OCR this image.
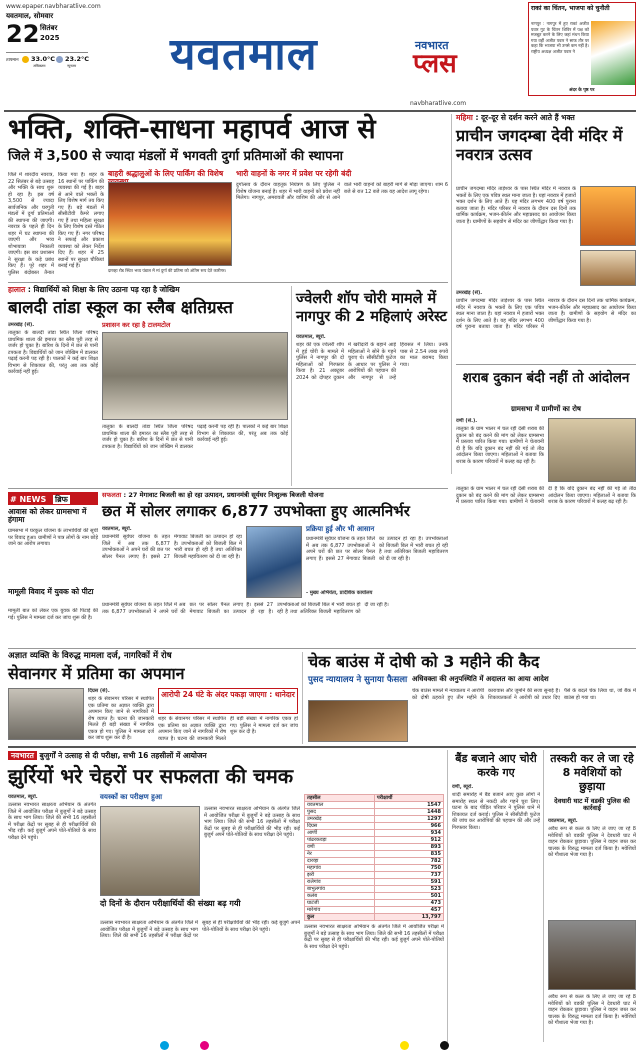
www.epaper.navbharatlive.com
यवतमाल, सोमवार
22 सितंबर
2025
तापमान 33.0°C
अधिकतम
23.2°C
न्यूनतम यवतमाल	नवभारत
प्लस
navbharatlive.com
राकां का चिंतन, भाजपा को चुनौती
नागपुर : नागपुर में हुए राकां अजीत पवार गुट के चिंतन शिविर में पक्ष को मजबूत करने के लिए जहां मंथन किया गया वहीं अजीत पवार ने साफ तौर पर कहा कि भाजपा भी उनसे कम नहीं है। राष्ट्रीय अध्यक्ष अजीत पवार ने
अंदर के पृष्ठ पर
भक्ति, शक्ति-साधना महापर्व आज से
जिले में 3,500 से ज्यादा मंडलों में भगवती दुर्गा प्रतिमाओं की स्थापना
जिले में शारदीय नवरात्र, 22 सितंबर से बड़े उत्साह और भक्ति के साथ शुरू हो रहा है। इस वर्ष 3,500 से ज्यादा सार्वजनिक और घरगुती मंडलों में दुर्गा प्रतिमाओं की स्थापना की जाएगी। नवरात्र के पहले ही दिन शहर में घट स्थापना की जाएगी और भव्य शोभायात्रा निकाली जाएगी। इस बार प्रशासन ने सुरक्षा के कड़े प्रबंध किए हैं। पूरे शहर में पुलिस बंदोबस्त तैनात किया गया है। शहर के 16 स्थानों पर पार्किंग की व्यवस्था की गई है। बाहर से आने वाले भक्तों के लिए विशेष मार्ग तय किए गए हैं। बड़े मंडलों में सीसीटीवी कैमरे लगाए गए हैं तथा महिला सुरक्षा के लिए विशेष दस्ते गठित किए गए हैं। नगर परिषद ने सफाई और प्रकाश व्यवस्था को लेकर निर्देश दिए हैं। शहर में 25 स्थानों पर सुरक्षा चौकियां बनाई गई हैं।
बाहरी श्रद्धालुओं के लिए पार्किंग की विशेष
दारव्हा रोड स्थित भव्य पंडाल में मां दुर्गा की प्रतिमा को अंतिम रूप देते कारीगर।
भारी वाहनों के नगर में प्रवेश पर रहेगी बंदी
दुर्गोत्सव के दौरान वाहतूक नियंत्रण के लिए पुलिस ने विशेष योजना बनाई है। शहर में भारी वाहनों को प्रवेश नहीं मिलेगा। नागपुर, अमरावती और वाशिम की ओर से आने वाले भारी वाहनों को बाहरी मार्ग से मोड़ा जाएगा। शाम 6 बजे से रात 12 बजे तक यह आदेश लागू रहेगा।
महिमा : दूर-दूर से दर्शन करने आते हैं भक्त
प्राचीन जगदम्बा देवी मंदिर में नवरात्र उत्सव
प्राचीन जगदम्बा मंदिर ताड़ेश्वर के पास स्थित मंदिर में नवरात्र के भक्तों के लिए एक पवित्र स्थल माना जाता है। यहां नवरात्र में हजारों भक्त दर्शन के लिए आते हैं। यह मंदिर लगभग 400 वर्ष पुराना बताया जाता है। मंदिर परिसर में नवरात्र के दौरान दस दिनों तक धार्मिक कार्यक्रम, भजन-कीर्तन और महाप्रसाद का आयोजन किया जाता है। ग्रामीणों के सहयोग से मंदिर का जीर्णोद्धार किया गया है।
उमरखेड़ (से).
प्राचीन जगदम्बा मंदिर ताड़ेश्वर के पास स्थित मंदिर में नवरात्र के भक्तों के लिए एक पवित्र स्थल माना जाता है। यहां नवरात्र में हजारों भक्त दर्शन के लिए आते हैं। यह मंदिर लगभग 400 वर्ष पुराना बताया जाता है। मंदिर परिसर में नवरात्र के दौरान दस दिनों तक धार्मिक कार्यक्रम, भजन-कीर्तन और महाप्रसाद का आयोजन किया जाता है। ग्रामीणों के सहयोग से मंदिर का जीर्णोद्धार किया गया है।
हालात : विद्यार्थियों को शिक्षा के लिए उठाना पड़ रहा है जोखिम
बालदी तांडा स्कूल का स्लैब क्षतिग्रस्त
उमरखेड़ (से).
तालुका के बालदी तांडा स्थित जिला परिषद प्राथमिक शाला की इमारत का स्लैब पूरी तरह से जर्जर हो चुका है। बारिश के दिनों में छत से पानी टपकता है। विद्यार्थियों को जान जोखिम में डालकर पढ़ाई करनी पड़ रही है। पालकों ने कई बार शिक्षा विभाग से शिकायत की, परंतु अब तक कोई कार्रवाई नहीं हुई।
प्रशासन कर रहा है टालमटोल
तालुका के बालदी तांडा स्थित जिला परिषद प्राथमिक शाला की इमारत का स्लैब पूरी तरह से जर्जर हो चुका है। बारिश के दिनों में छत से पानी टपकता है। विद्यार्थियों को जान जोखिम में डालकर पढ़ाई करनी पड़ रही है। पालकों ने कई बार शिक्षा विभाग से शिकायत की, परंतु अब तक कोई कार्रवाई नहीं हुई।
ज्वेलरी शॉप चोरी मामले में नागपुर की 2 महिलाएं अरेस्ट
यवतमाल, ब्यूरो.
शहर की एक ज्वेलरी शॉप में हुई चोरी के मामले में पुलिस ने नागपुर की दो महिलाओं को गिरफ्तार किया है। 21 अक्टूबर 2024 को दोपहर दुकान में खरीदारी के बहाने आई महिलाओं ने सोने के गहने चुराए थे। सीसीटीवी फुटेज के आधार पर पुलिस ने आरोपियों की पहचान की और नागपुर से उन्हें हिरासत में लिया। उनके पास से 2.54 लाख रुपये का माल बरामद किया गया।
शराब दुकान बंदी नहीं तो आंदोलन
ग्रामसभा में ग्रामीणों का रोष
वणी (से.).
तालुका के ग्राम भालर में चल रही देसी शराब की दुकान को बंद करने की मांग को लेकर ग्रामसभा में प्रस्ताव पारित किया गया। ग्रामीणों ने चेतावनी दी है कि यदि दुकान बंद नहीं की गई तो तीव्र आंदोलन किया जाएगा। महिलाओं ने बताया कि शराब के कारण परिवारों में कलह बढ़ रही है।
तालुका के ग्राम भालर में चल रही देसी शराब की दुकान को बंद करने की मांग को लेकर ग्रामसभा में प्रस्ताव पारित किया गया। ग्रामीणों ने चेतावनी दी है कि यदि दुकान बंद नहीं की गई तो तीव्र आंदोलन किया जाएगा। महिलाओं ने बताया कि शराब के कारण परिवारों में कलह बढ़ रही है।
# NEWS ब्रिफ
आवास को लेकर ग्रामसभा में हंगामा
ग्रामसभा में घरकुल योजना के लाभार्थियों की सूची पर विवाद हुआ। ग्रामीणों ने पात्र लोगों के नाम छोड़े जाने का आरोप लगाया।
मामूली विवाद में युवक को पीटा
मामूली बात को लेकर एक युवक की पिटाई की गई। पुलिस ने मामला दर्ज कर जांच शुरू की है।
सफलता : 27 मेगावाट बिजली का हो रहा उत्पादन, प्रधानमंत्री सूर्यघर निःशुल्क बिजली योजना
छत में सोलर लगाकर 6,877 उपभोक्ता हुए आत्मनिर्भर
यवतमाल, ब्यूरो.
प्रधानमंत्री सूर्यघर योजना के तहत जिले में अब तक 6,877 उपभोक्ताओं ने अपने घरों की छत पर सोलर पैनल लगाए हैं। इससे 27 मेगावाट बिजली का उत्पादन हो रहा है। उपभोक्ताओं को बिजली बिल में भारी बचत हो रही है तथा अतिरिक्त बिजली महावितरण को दी जा रही है।
प्रक्रिया हुई और भी आसान
प्रधानमंत्री सूर्यघर योजना के तहत जिले में अब तक 6,877 उपभोक्ताओं ने अपने घरों की छत पर सोलर पैनल लगाए हैं। इससे 27 मेगावाट बिजली का उत्पादन हो रहा है। उपभोक्ताओं को बिजली बिल में भारी बचत हो रही है तथा अतिरिक्त बिजली महावितरण को दी जा रही है।
- मुख्य अभियंता, प्रादेशिक कार्यालय
प्रधानमंत्री सूर्यघर योजना के तहत जिले में अब तक 6,877 उपभोक्ताओं ने अपने घरों की छत पर सोलर पैनल लगाए हैं। इससे 27 मेगावाट बिजली का उत्पादन हो रहा है। उपभोक्ताओं को बिजली बिल में भारी बचत हो रही है तथा अतिरिक्त बिजली महावितरण को दी जा रही है।
अज्ञात व्यक्ति के विरुद्ध मामला दर्ज, नागरिकों में रोष
सेवानगर में प्रतिमा का अपमान
दिग्रस (से).
शहर के सेवानगर परिसर में स्थापित एक प्रतिमा का अज्ञात व्यक्ति द्वारा अपमान किए जाने से नागरिकों में रोष व्याप्त है। घटना की जानकारी मिलते ही बड़ी संख्या में नागरिक एकत्र हो गए। पुलिस ने मामला दर्ज कर जांच शुरू कर दी है।
आरोपी 24 घंटे के अंदर पकड़ा जाएगा : थानेदार
शहर के सेवानगर परिसर में स्थापित एक प्रतिमा का अज्ञात व्यक्ति द्वारा अपमान किए जाने से नागरिकों में रोष व्याप्त है। घटना की जानकारी मिलते ही बड़ी संख्या में नागरिक एकत्र हो गए। पुलिस ने मामला दर्ज कर जांच शुरू कर दी है।
चेक बाउंस में दोषी को 3 महीने की कैद
पुसद न्यायालय ने सुनाया फैसला अधिवक्ता की अनुपस्थिति में अदालत का आया आदेश
चेक बाउंस मामले में न्यायालय ने आरोपी को दोषी ठहराते हुए तीन महीने के कारावास और जुर्माने की सजा सुनाई है। शिकायतकर्ता ने आरोपी को उधार दिए पैसे के बदले चेक लिया था, जो बैंक में बाउंस हो गया था।
नवभारत बुजुर्गों ने उत्साह से दी परीक्षा, सभी 16 तहसीलों में आयोजन
झुर्रियों भरे चेहरों पर सफलता की चमक
यवतमाल, ब्यूरो.
उल्लास नवभारत साक्षरता अभियान के अंतर्गत जिले में आयोजित परीक्षा में बुजुर्गों ने बड़े उत्साह के साथ भाग लिया। जिले की सभी 16 तहसीलों में परीक्षा केंद्रों पर सुबह से ही परीक्षार्थियों की भीड़ रही। कई बुजुर्ग अपने पोते-पोतियों के साथ परीक्षा देने पहुंचे।
वयस्कों का परीक्षण हुआ
उल्लास नवभारत साक्षरता अभियान के अंतर्गत जिले में आयोजित परीक्षा में बुजुर्गों ने बड़े उत्साह के साथ भाग लिया। जिले की सभी 16 तहसीलों में परीक्षा केंद्रों पर सुबह से ही परीक्षार्थियों की भीड़ रही। कई बुजुर्ग अपने पोते-पोतियों के साथ परीक्षा देने पहुंचे।
दो दिनों के दौरान परीक्षार्थियों की संख्या बढ़ गयी
उल्लास नवभारत साक्षरता अभियान के अंतर्गत जिले में आयोजित परीक्षा में बुजुर्गों ने बड़े उत्साह के साथ भाग लिया। जिले की सभी 16 तहसीलों में परीक्षा केंद्रों पर सुबह से ही परीक्षार्थियों की भीड़ रही। कई बुजुर्ग अपने पोते-पोतियों के साथ परीक्षा देने पहुंचे।
तहसील	परीक्षार्थी
यवतमाल	1547
पुसद	1448
उमरखेड़	1297
दिग्रस	966
आर्णी	934
पांढरकवड़ा	912
वणी	893
नेर	835
दारव्हा	782
महागांव	750
झरी	737
रालेगांव	591
बाभुलगांव	523
कलंब	501
घाटंजी	473
मारेगांव	457
कुल	13,797
उल्लास नवभारत साक्षरता अभियान के अंतर्गत जिले में आयोजित परीक्षा में बुजुर्गों ने बड़े उत्साह के साथ भाग लिया। जिले की सभी 16 तहसीलों में परीक्षा केंद्रों पर सुबह से ही परीक्षार्थियों की भीड़ रही। कई बुजुर्ग अपने पोते-पोतियों के साथ परीक्षा देने पहुंचे।
बैंड बजाने आए चोरी करके गए
वणी, ब्यूरो.
शादी समारोह में बैंड बजाने आए कुछ लोगों ने समारोह स्थल से नकदी और गहने चुरा लिए। घटना के बाद पीड़ित परिवार ने पुलिस थाने में शिकायत दर्ज कराई। पुलिस ने सीसीटीवी फुटेज की जांच कर आरोपियों की पहचान की और उन्हें गिरफ्तार किया।
तस्करी कर ले जा रहे 8 मवेशियों को छुड़ाया
देवधारी घाट में वडकी पुलिस की कार्रवाई
यवतमाल, ब्यूरो.
अवैध रूप से कत्ल के लिए ले जाए जा रहे 8 मवेशियों को वडकी पुलिस ने देवधारी घाट में वाहन रोककर छुड़ाया। पुलिस ने वाहन जब्त कर चालक के विरुद्ध मामला दर्ज किया है। मवेशियों को गौशाला भेजा गया है।
अवैध रूप से कत्ल के लिए ले जाए जा रहे 8 मवेशियों को वडकी पुलिस ने देवधारी घाट में वाहन रोककर छुड़ाया। पुलिस ने वाहन जब्त कर चालक के विरुद्ध मामला दर्ज किया है। मवेशियों को गौशाला भेजा गया है।
